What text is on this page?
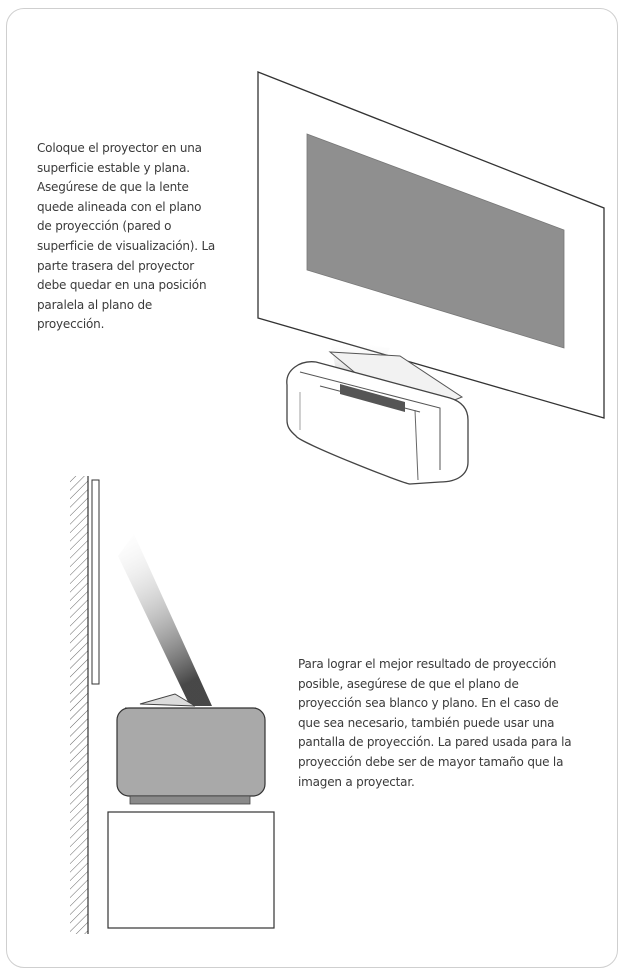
Coloque el proyector en una superficie estable y plana. Asegúrese de que la lente quede alineada con el plano de proyección (pared o superficie de visualización). La parte trasera del proyector debe quedar en una posición paralela al plano de proyección.
Para lograr el mejor resultado de proyección posible, asegúrese de que el plano de proyección sea blanco y plano. En el caso de que sea necesario, también puede usar una pantalla de proyección. La pared usada para la proyección debe ser de mayor tamaño que la imagen a proyectar.
